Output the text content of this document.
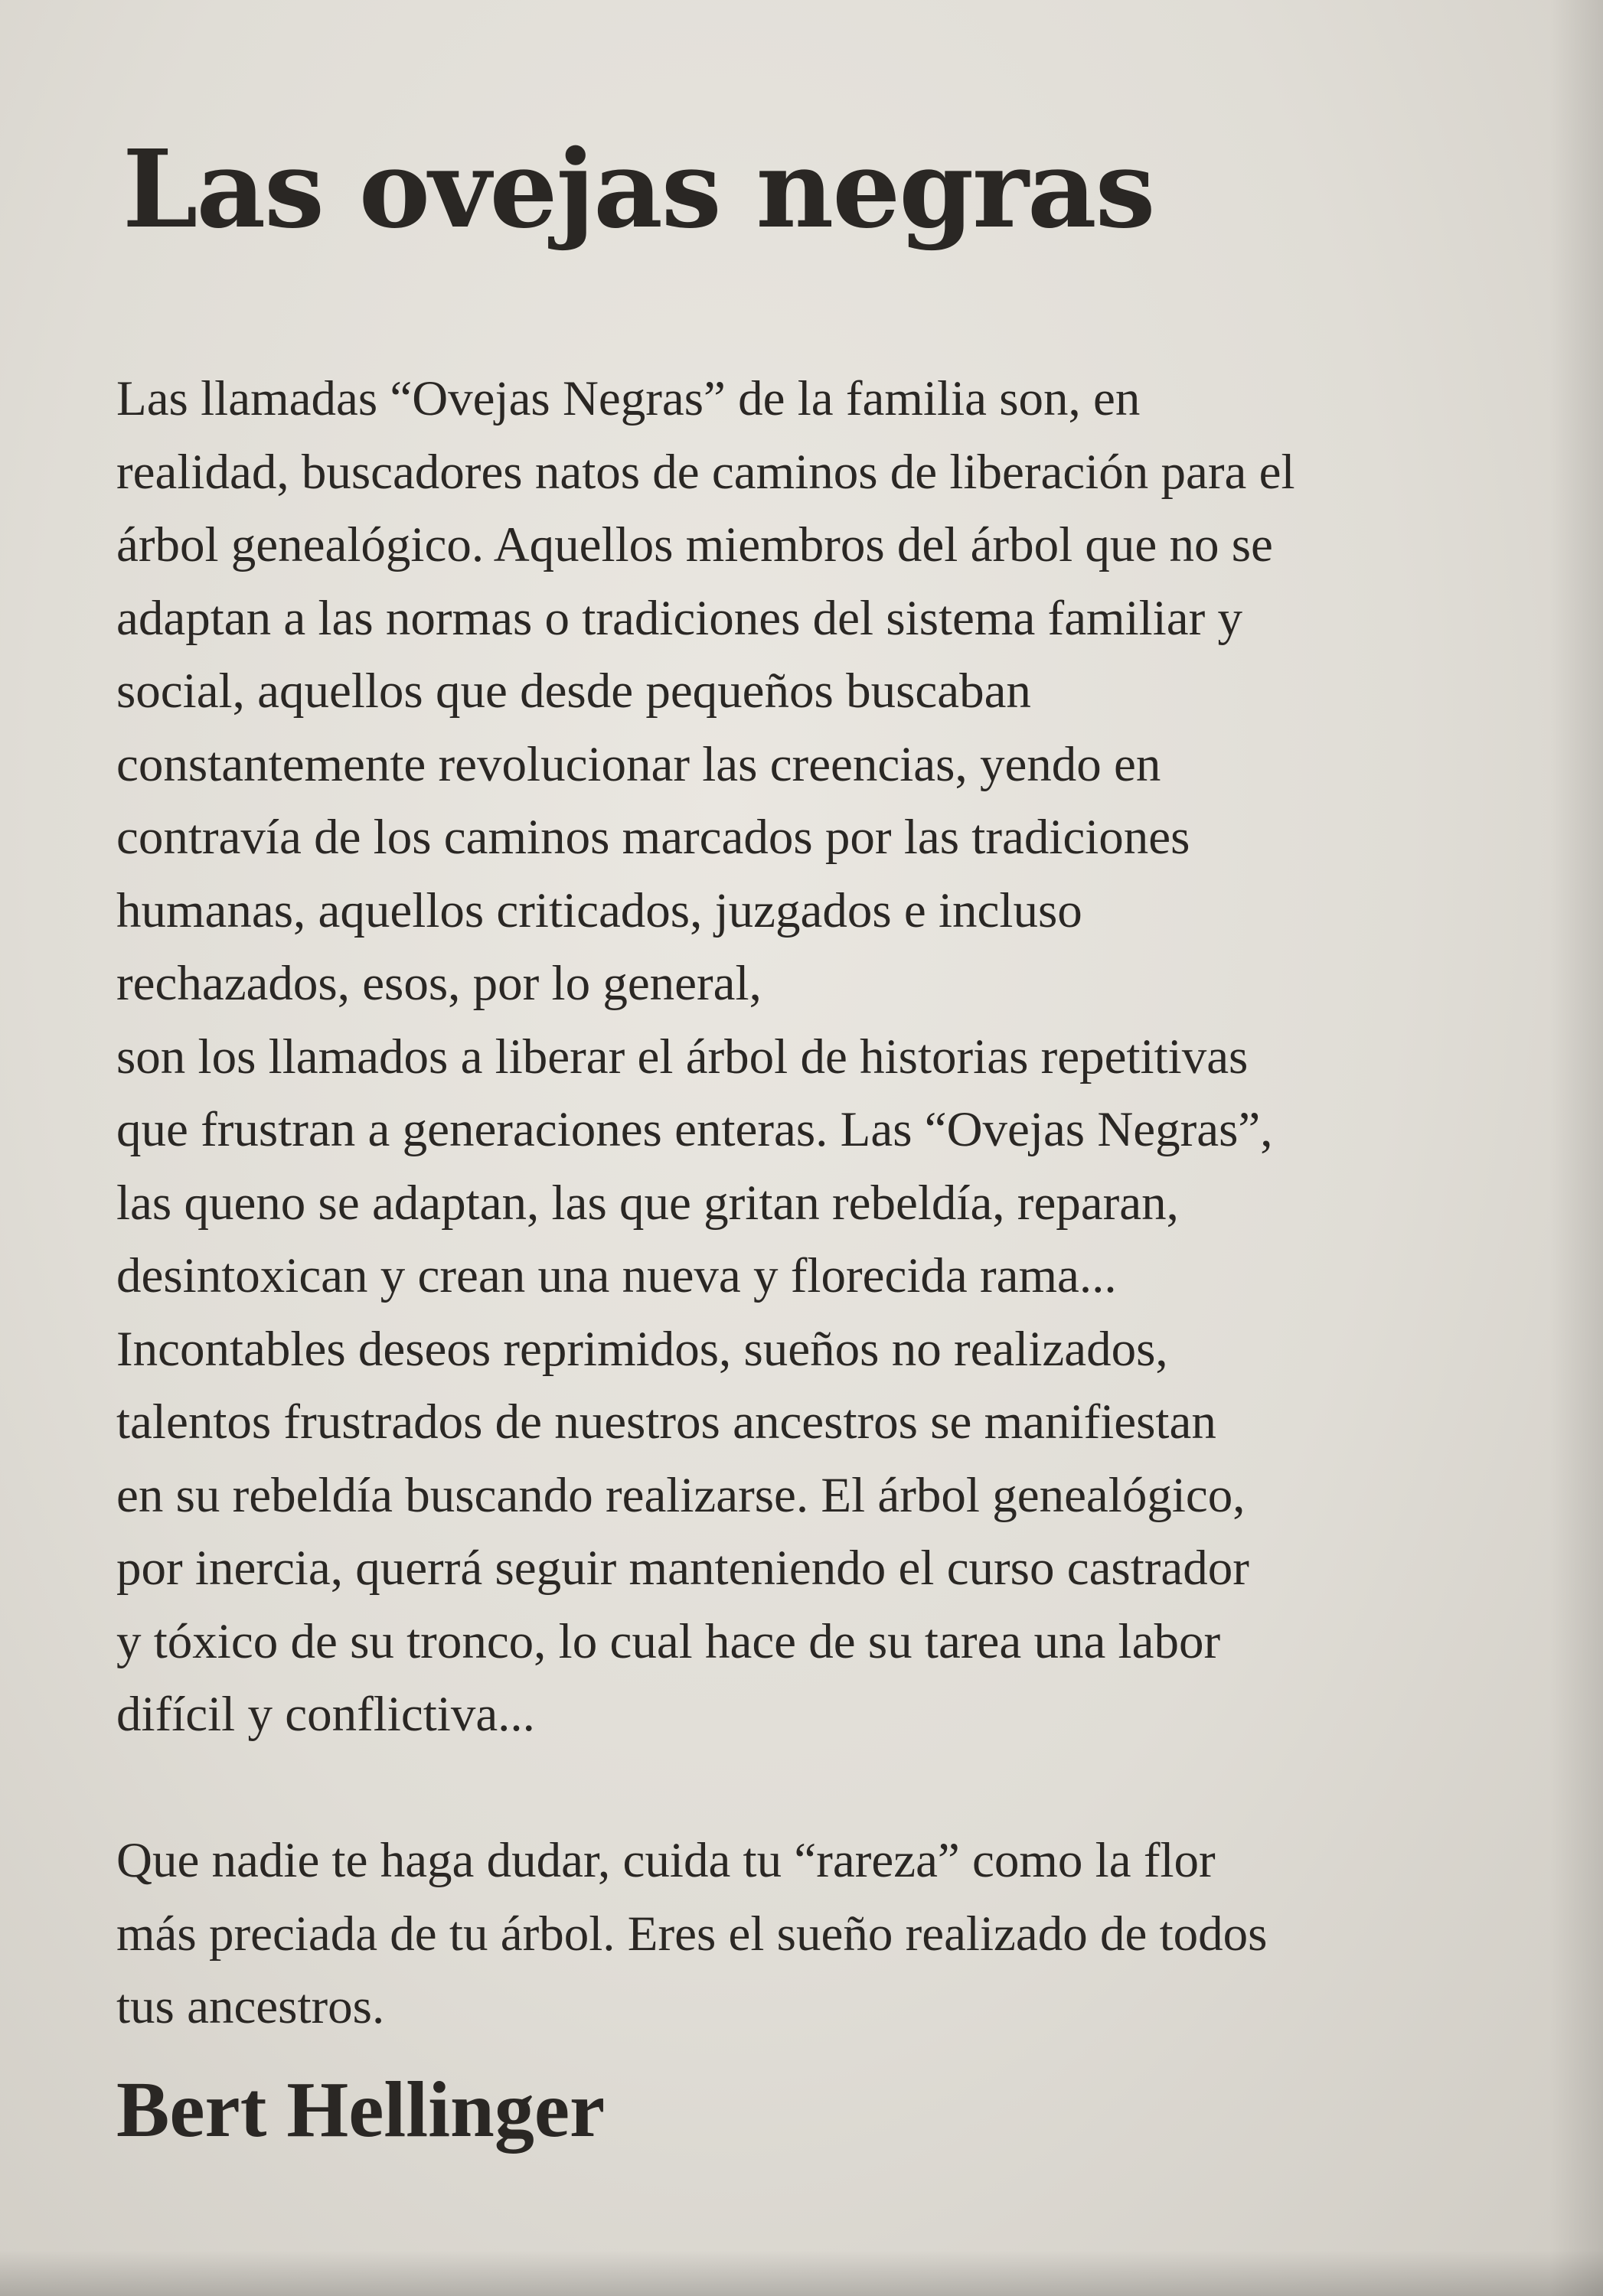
Las ovejas negras
Las llamadas “Ovejas Negras” de la familia son, en
realidad, buscadores natos de caminos de liberación para el
árbol genealógico. Aquellos miembros del árbol que no se
adaptan a las normas o tradiciones del sistema familiar y
social, aquellos que desde pequeños buscaban
constantemente revolucionar las creencias, yendo en
contravía de los caminos marcados por las tradiciones
humanas, aquellos criticados, juzgados e incluso
rechazados, esos, por lo general,
son los llamados a liberar el árbol de historias repetitivas
que frustran a generaciones enteras. Las “Ovejas Negras”,
las queno se adaptan, las que gritan rebeldía, reparan,
desintoxican y crean una nueva y florecida rama...
Incontables deseos reprimidos, sueños no realizados,
talentos frustrados de nuestros ancestros se manifiestan
en su rebeldía buscando realizarse. El árbol genealógico,
por inercia, querrá seguir manteniendo el curso castrador
y tóxico de su tronco, lo cual hace de su tarea una labor
difícil y conflictiva...
Que nadie te haga dudar, cuida tu “rareza” como la flor
más preciada de tu árbol. Eres el sueño realizado de todos
tus ancestros.
Bert Hellinger
